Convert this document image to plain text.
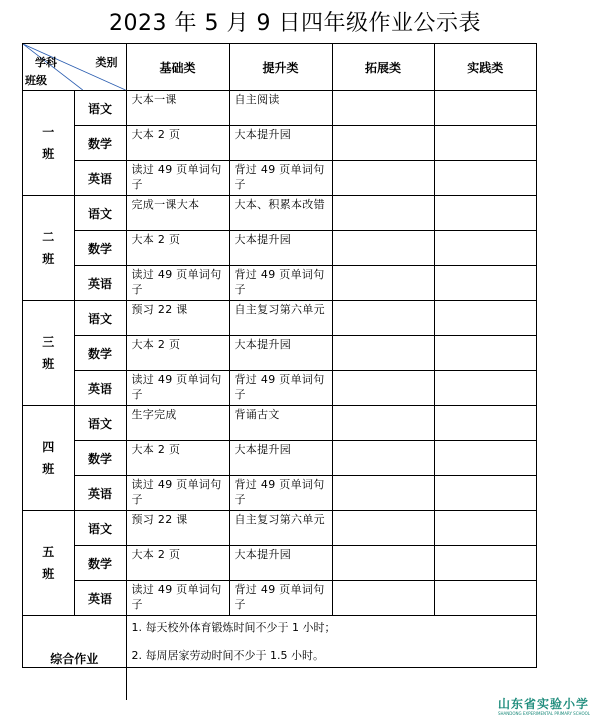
2023 年 5 月 9 日四年级作业公示表
类别
学科
班级		基础类	提升类	拓展类	实践类
一班	语文	大本一课	自主阅读		
	数学	大本 2 页	大本提升园		
	英语	读过 49 页单词句子	背过 49 页单词句子		
二班	语文	完成一课大本	大本、积累本改错		
	数学	大本 2 页	大本提升园		
	英语	读过 49 页单词句子	背过 49 页单词句子		
三班	语文	预习 22 课	自主复习第六单元		
	数学	大本 2 页	大本提升园		
	英语	读过 49 页单词句子	背过 49 页单词句子		
四班	语文	生字完成	背诵古文		
	数学	大本 2 页	大本提升园		
	英语	读过 49 页单词句子	背过 49 页单词句子		
五班	语文	预习 22 课	自主复习第六单元		
	数学	大本 2 页	大本提升园		
	英语	读过 49 页单词句子	背过 49 页单词句子		
综合作业		1. 每天校外体育锻炼时间不少于 1 小时；
2. 每周居家劳动时间不少于 1.5 小时。			
山东省实验小学
SHANDONG EXPERIMENTAL PRIMARY SCHOOL
